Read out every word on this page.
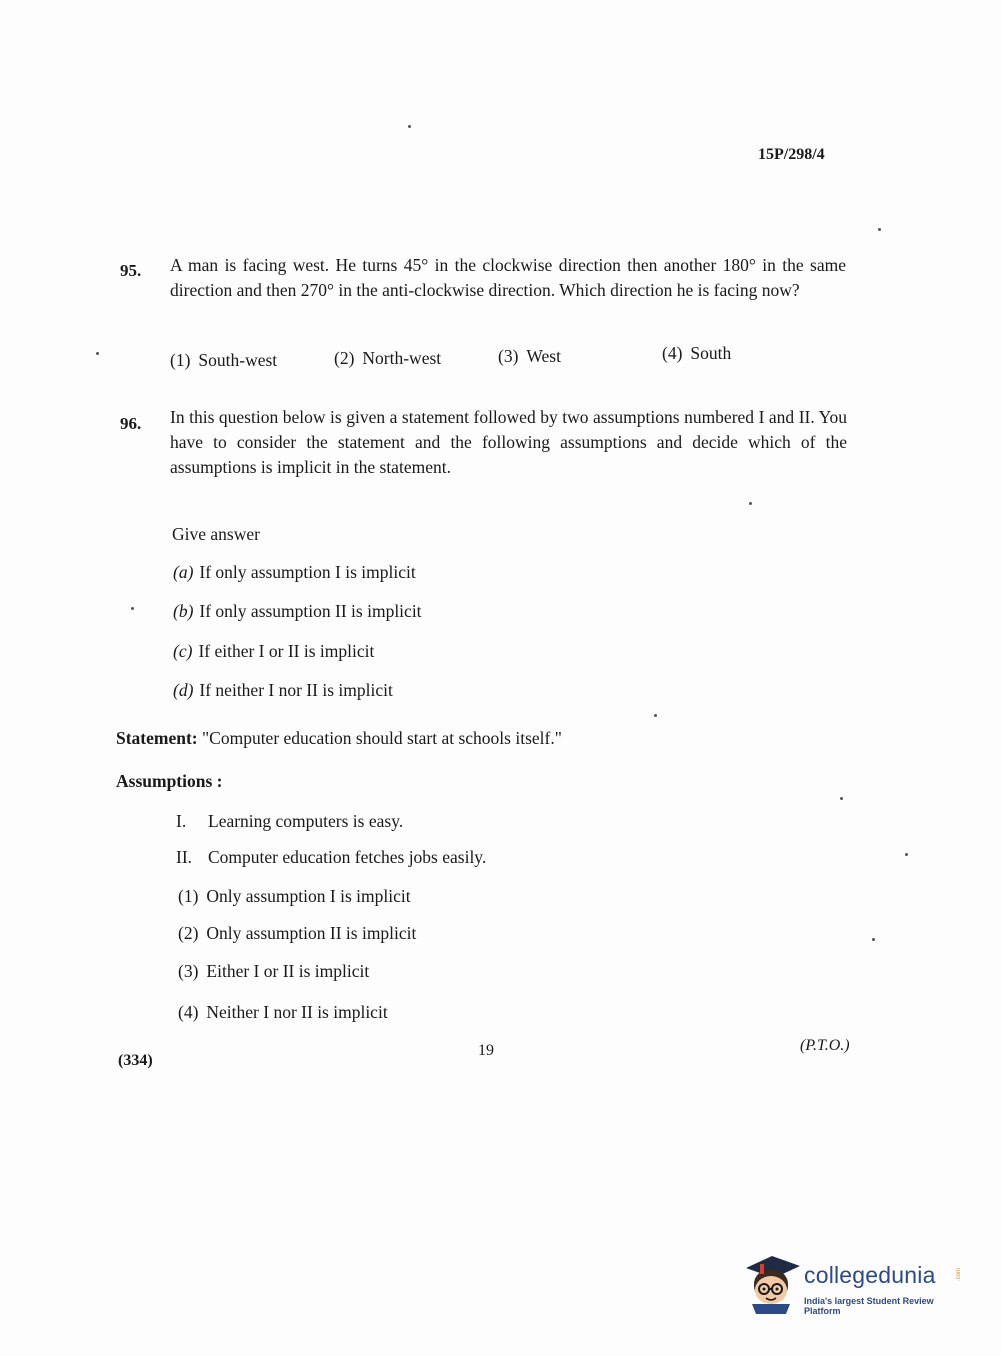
15P/298/4
95. A man is facing west. He turns 45° in the clockwise direction then another 180° in the same direction and then 270° in the anti-clockwise direction. Which direction he is facing now?
(1) South-west	(2) North-west	(3) West	(4) South
96. In this question below is given a statement followed by two assumptions numbered I and II. You have to consider the statement and the following assumptions and decide which of the assumptions is implicit in the statement.
Give answer
(a) If only assumption I is implicit
(b) If only assumption II is implicit
(c) If either I or II is implicit
(d) If neither I nor II is implicit
Statement: "Computer education should start at schools itself."
Assumptions :
I. Learning computers is easy.
II. Computer education fetches jobs easily.
(1) Only assumption I is implicit
(2) Only assumption II is implicit
(3) Either I or II is implicit
(4) Neither I nor II is implicit
(334)
19	(P.T.O.)
collegedunia	.com
India's largest Student Review Platform
